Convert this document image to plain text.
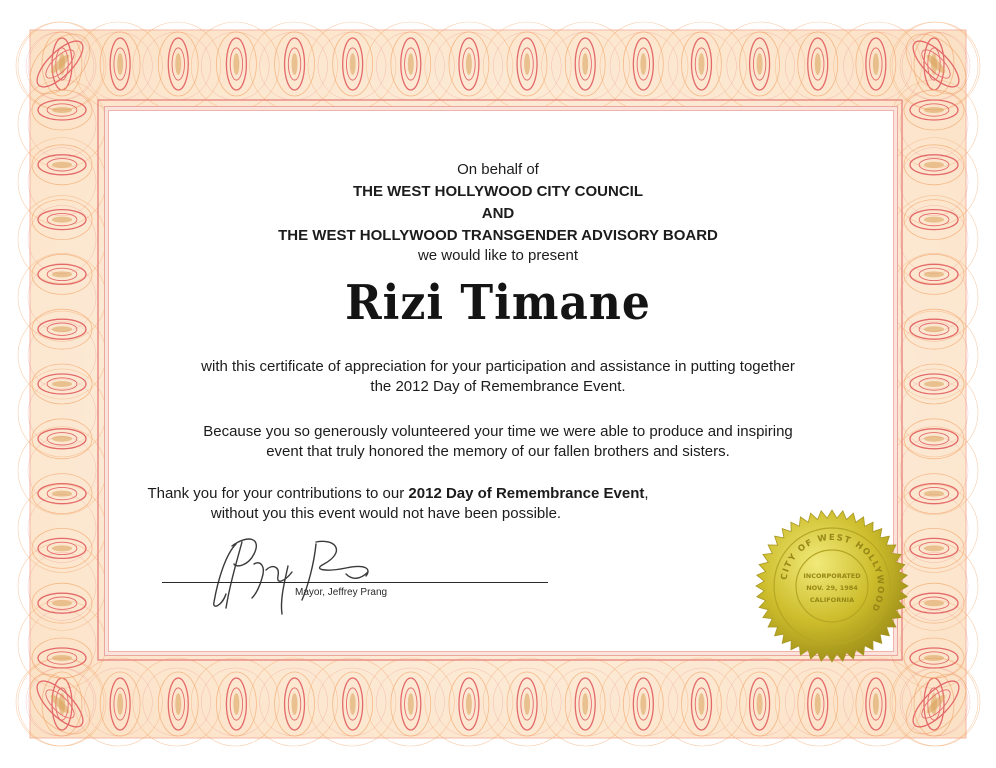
On behalf of
THE WEST HOLLYWOOD CITY COUNCIL
AND
THE WEST HOLLYWOOD TRANSGENDER ADVISORY BOARD
we would like to present
Rizi Timane
with this certificate of appreciation for your participation and assistance in putting together
the 2012 Day of Remembrance Event.
Because you so generously volunteered your time we were able to produce and inspiring
event that truly honored the memory of our fallen brothers and sisters.
Thank you for your contributions to our 2012 Day of Remembrance Event,
without you this event would not have been possible.
Mayor, Jeffrey Prang
CITY OF WEST HOLLYWOOD
INCORPORATED
NOV. 29, 1984
CALIFORNIA
